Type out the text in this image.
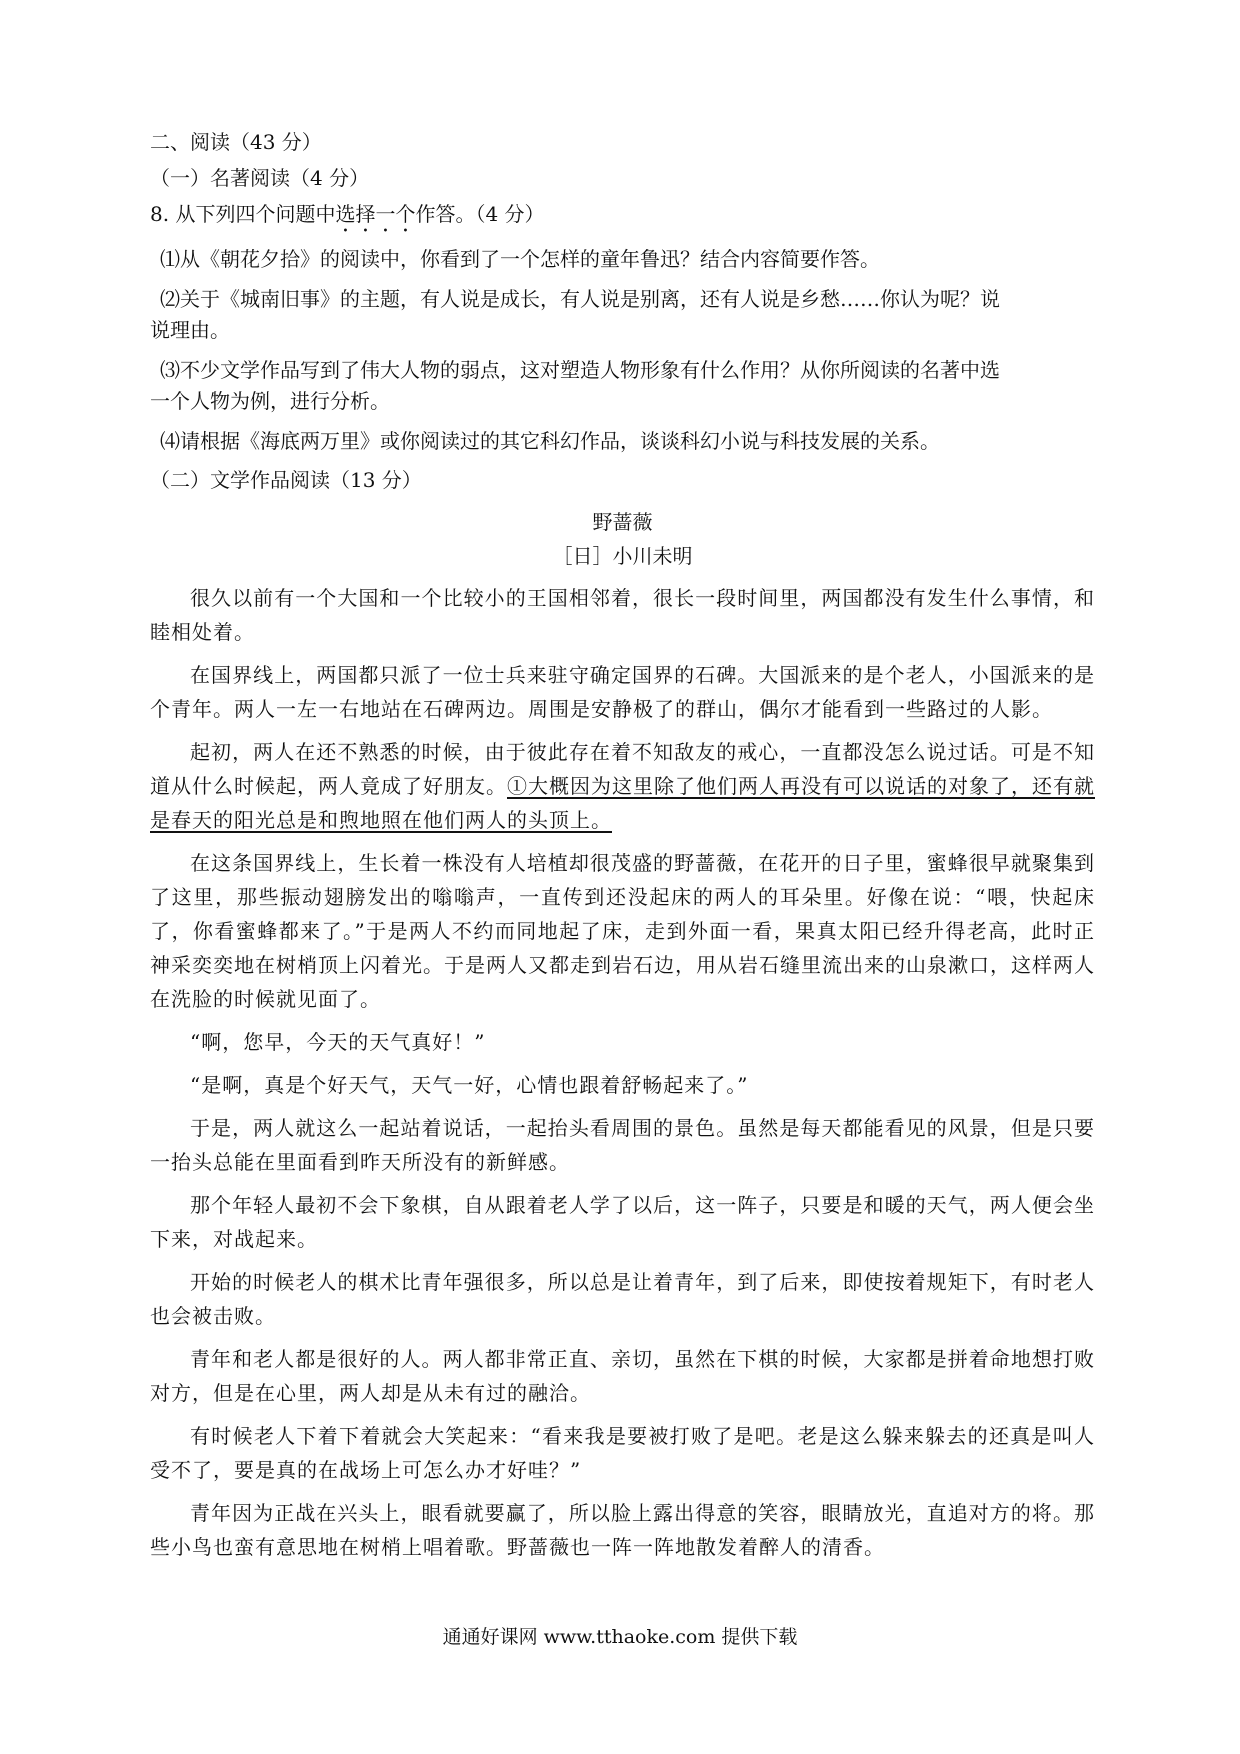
二、阅读（43 分）

（一）名著阅读（4 分）

8. 从下列四个问题中选择一个作答。（4 分）

⑴从《朝花夕拾》的阅读中，你看到了一个怎样的童年鲁迅？结合内容简要作答。

⑵关于《城南旧事》的主题，有人说是成长，有人说是别离，还有人说是乡愁……你认为呢？说

说理由。

⑶不少文学作品写到了伟大人物的弱点，这对塑造人物形象有什么作用？从你所阅读的名著中选

一个人物为例，进行分析。

⑷请根据《海底两万里》或你阅读过的其它科幻作品，谈谈科幻小说与科技发展的关系。

（二）文学作品阅读（13 分）

野蔷薇

［日］小川未明

很久以前有一个大国和一个比较小的王国相邻着，很长一段时间里，两国都没有发生什么事情，和睦相处着。

在国界线上，两国都只派了一位士兵来驻守确定国界的石碑。大国派来的是个老人，小国派来的是个青年。两人一左一右地站在石碑两边。周围是安静极了的群山，偶尔才能看到一些路过的人影。

起初，两人在还不熟悉的时候，由于彼此存在着不知敌友的戒心，一直都没怎么说过话。可是不知道从什么时候起，两人竟成了好朋友。①大概因为这里除了他们两人再没有可以说话的对象了，还有就是春天的阳光总是和煦地照在他们两人的头顶上。

在这条国界线上，生长着一株没有人培植却很茂盛的野蔷薇，在花开的日子里，蜜蜂很早就聚集到了这里，那些振动翅膀发出的嗡嗡声，一直传到还没起床的两人的耳朵里。好像在说：“喂，快起床了，你看蜜蜂都来了。”于是两人不约而同地起了床，走到外面一看，果真太阳已经升得老高，此时正神采奕奕地在树梢顶上闪着光。于是两人又都走到岩石边，用从岩石缝里流出来的山泉漱口，这样两人在洗脸的时候就见面了。

“啊，您早，今天的天气真好！”

“是啊，真是个好天气，天气一好，心情也跟着舒畅起来了。”

于是，两人就这么一起站着说话，一起抬头看周围的景色。虽然是每天都能看见的风景，但是只要一抬头总能在里面看到昨天所没有的新鲜感。

那个年轻人最初不会下象棋，自从跟着老人学了以后，这一阵子，只要是和暖的天气，两人便会坐下来，对战起来。

开始的时候老人的棋术比青年强很多，所以总是让着青年，到了后来，即使按着规矩下，有时老人也会被击败。

青年和老人都是很好的人。两人都非常正直、亲切，虽然在下棋的时候，大家都是拼着命地想打败对方，但是在心里，两人却是从未有过的融洽。

有时候老人下着下着就会大笑起来：“看来我是要被打败了是吧。老是这么躲来躲去的还真是叫人受不了，要是真的在战场上可怎么办才好哇？”

青年因为正战在兴头上，眼看就要赢了，所以脸上露出得意的笑容，眼睛放光，直追对方的将。那些小鸟也蛮有意思地在树梢上唱着歌。野蔷薇也一阵一阵地散发着醉人的清香。

通通好课网 www.tthaoke.com 提供下载
